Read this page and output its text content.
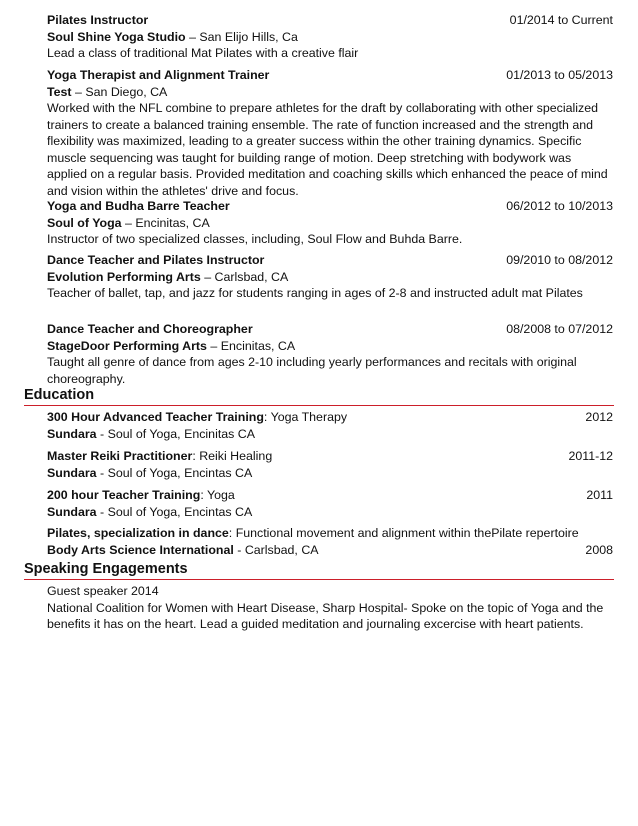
Pilates Instructor	01/2014 to Current
Soul Shine Yoga Studio – San Elijo Hills, Ca
Lead a class of traditional Mat Pilates with a creative flair
Yoga Therapist and Alignment Trainer	01/2013 to 05/2013
Test – San Diego, CA
Worked with the NFL combine to prepare athletes for the draft by collaborating with other specialized trainers to create a balanced training ensemble. The rate of function increased and the strength and flexibility was maximized, leading to a greater success within the other training dynamics. Specific muscle sequencing was taught for building range of motion. Deep stretching with bodywork was applied on a regular basis. Provided meditation and coaching skills which enhanced the peace of mind and vision within the athletes' drive and focus.
Yoga and Budha Barre Teacher	06/2012 to 10/2013
Soul of Yoga – Encinitas, CA
Instructor of two specialized classes, including, Soul Flow and Buhda Barre.
Dance Teacher and Pilates Instructor	09/2010 to 08/2012
Evolution Performing Arts – Carlsbad, CA
Teacher of ballet, tap, and jazz for students ranging in ages of 2-8 and instructed adult mat Pilates
Dance Teacher and Choreographer	08/2008 to 07/2012
StageDoor Performing Arts – Encinitas, CA
Taught all genre of dance from ages 2-10 including yearly performances and recitals with original choreography.
Education
300 Hour Advanced Teacher Training: Yoga Therapy	2012
Sundara - Soul of Yoga, Encinitas CA
Master Reiki Practitioner: Reiki Healing	2011-12
Sundara - Soul of Yoga, Encintas CA
200 hour Teacher Training: Yoga	2011
Sundara - Soul of Yoga, Encintas CA
Pilates, specialization in dance: Functional movement and alignment within thePilate repertoire
Body Arts Science International - Carlsbad, CA	2008
Speaking Engagements
Guest speaker 2014
National Coalition for Women with Heart Disease, Sharp Hospital- Spoke on the topic of Yoga and the benefits it has on the heart. Lead a guided meditation and journaling excercise with heart patients.
